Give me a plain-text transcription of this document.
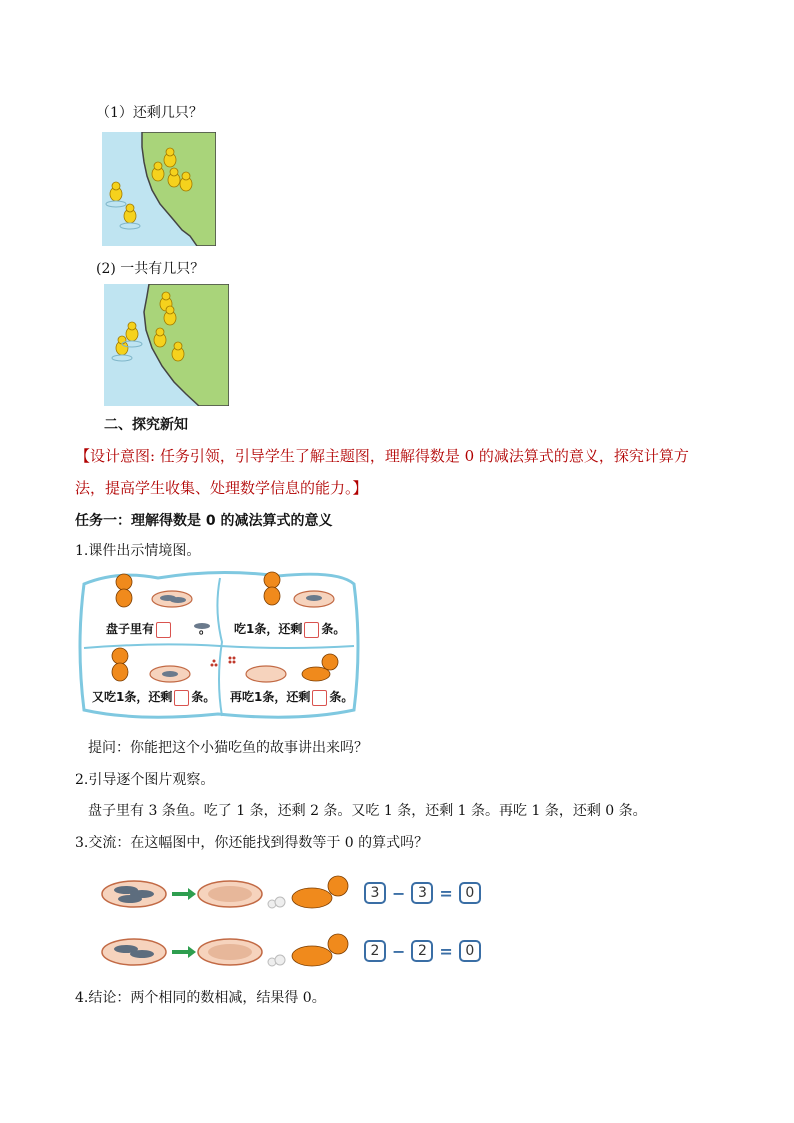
（1）还剩几只？
(2) 一共有几只？
二、探究新知
【设计意图: 任务引领，引导学生了解主题图，理解得数是 0 的减法算式的意义，探究计算方
法，提高学生收集、处理数学信息的能力。】
任务一：理解得数是 0 的减法算式的意义
1.课件出示情境图。
盘子里有	。 吃1条，还剩 条。
又吃1条，还剩 条。 再吃1条，还剩 条。
提问：你能把这个小猫吃鱼的故事讲出来吗？
2.引导逐个图片观察。
盘子里有 3 条鱼。吃了 1 条，还剩 2 条。又吃 1 条，还剩 1 条。再吃 1 条，还剩 0 条。
3.交流：在这幅图中，你还能找到得数等于 0 的算式吗？
3 − 3 = 0
2 − 2 = 0
4.结论：两个相同的数相减，结果得 0。
